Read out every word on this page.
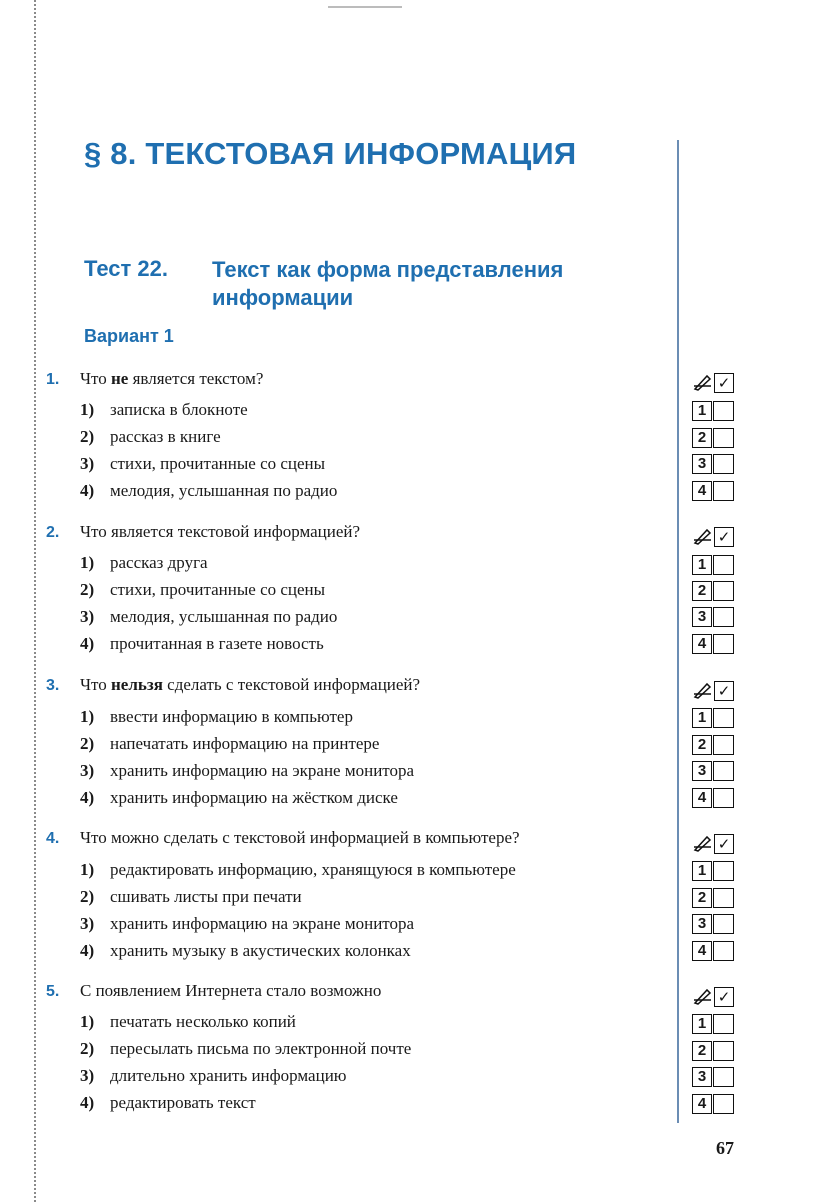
§ 8. ТЕКСТОВАЯ ИНФОРМАЦИЯ
Тест 22. Текст как форма представления информации
Вариант 1
1. Что не является текстом?
1) записка в блокноте
2) рассказ в книге
3) стихи, прочитанные со сцены
4) мелодия, услышанная по радио
2. Что является текстовой информацией?
1) рассказ друга
2) стихи, прочитанные со сцены
3) мелодия, услышанная по радио
4) прочитанная в газете новость
3. Что нельзя сделать с текстовой информацией?
1) ввести информацию в компьютер
2) напечатать информацию на принтере
3) хранить информацию на экране монитора
4) хранить информацию на жёстком диске
4. Что можно сделать с текстовой информацией в компьютере?
1) редактировать информацию, хранящуюся в компьютере
2) сшивать листы при печати
3) хранить информацию на экране монитора
4) хранить музыку в акустических колонках
5. С появлением Интернета стало возможно
1) печатать несколько копий
2) пересылать письма по электронной почте
3) длительно хранить информацию
4) редактировать текст
✓
1
2
3
4
✓
1
2
3
4
✓
1
2
3
4
✓
1
2
3
4
✓
1
2
3
4
67
